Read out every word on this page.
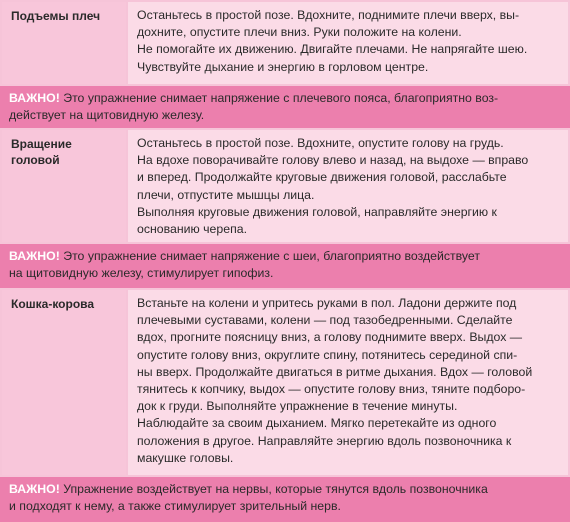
Подъемы плеч	Останьтесь в простой позе. Вдохните, поднимите плечи вверх, вы-

дохните, опустите плечи вниз. Руки положите на колени.

Не помогайте их движению. Двигайте плечами. Не напрягайте шею.

Чувствуйте дыхание и энергию в горловом центре.

ВАЖНО! Это упражнение снимает напряжение с плечевого пояса, благоприятно воз-
действует на щитовидную железу.
Вращение
головой

Останьтесь в простой позе. Вдохните, опустите голову на грудь.

На вдохе поворачивайте голову влево и назад, на выдохе — вправо

и вперед. Продолжайте круговые движения головой, расслабьте

плечи, отпустите мышцы лица.

Выполняя круговые движения головой, направляйте энергию к

основанию черепа.

ВАЖНО! Это упражнение снимает напряжение с шеи, благоприятно воздействует
на щитовидную железу, стимулирует гипофиз.
Кошка-корова	Встаньте на колени и упритесь руками в пол. Ладони держите под

плечевыми суставами, колени — под тазобедренными. Сделайте

вдох, прогните поясницу вниз, а голову поднимите вверх. Выдох —

опустите голову вниз, округлите спину, потянитесь серединой спи-

ны вверх. Продолжайте двигаться в ритме дыхания. Вдох — головой

тянитесь к копчику, выдох — опустите голову вниз, тяните подборо-

док к груди. Выполняйте упражнение в течение минуты.

Наблюдайте за своим дыханием. Мягко перетекайте из одного

положения в другое. Направляйте энергию вдоль позвоночника к

макушке головы.

ВАЖНО! Упражнение воздействует на нервы, которые тянутся вдоль позвоночника
и подходят к нему, а также стимулирует зрительный нерв.
